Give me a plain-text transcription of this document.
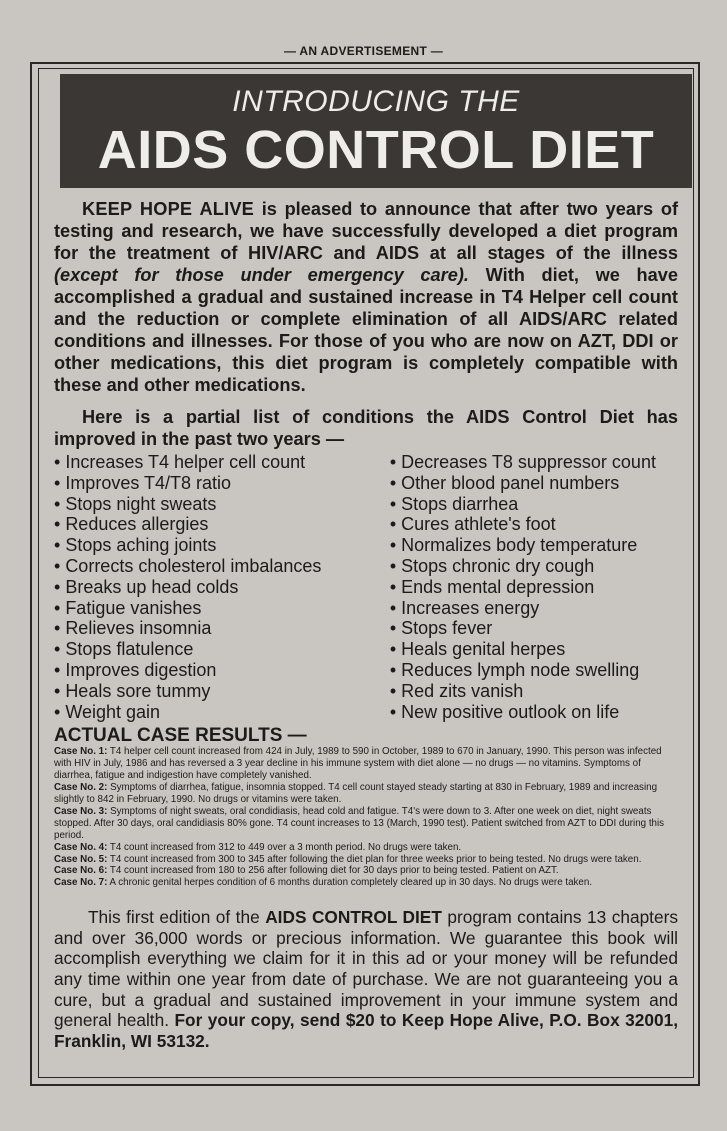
— AN ADVERTISEMENT —
INTRODUCING THE
AIDS CONTROL DIET

KEEP HOPE ALIVE is pleased to announce that after two years of testing and research, we have successfully developed a diet program for the treatment of HIV/ARC and AIDS at all stages of the illness (except for those under emergency care). With diet, we have accomplished a gradual and sustained increase in T4 Helper cell count and the reduction or complete elimination of all AIDS/ARC related conditions and illnesses. For those of you who are now on AZT, DDI or other medications, this diet program is completely compatible with these and other medications.

Here is a partial list of conditions the AIDS Control Diet has improved in the past two years —

• Increases T4 helper cell count
• Improves T4/T8 ratio
• Stops night sweats
• Reduces allergies
• Stops aching joints
• Corrects cholesterol imbalances
• Breaks up head colds
• Fatigue vanishes
• Relieves insomnia
• Stops flatulence
• Improves digestion
• Heals sore tummy
• Weight gain
• Decreases T8 suppressor count
• Other blood panel numbers
• Stops diarrhea
• Cures athlete's foot
• Normalizes body temperature
• Stops chronic dry cough
• Ends mental depression
• Increases energy
• Stops fever
• Heals genital herpes
• Reduces lymph node swelling
• Red zits vanish
• New positive outlook on life
ACTUAL CASE RESULTS —
Case No. 1: T4 helper cell count increased from 424 in July, 1989 to 590 in October, 1989 to 670 in January, 1990. This person was infected with HIV in July, 1986 and has reversed a 3 year decline in his immune system with diet alone — no drugs — no vitamins. Symptoms of diarrhea, fatigue and indigestion have completely vanished.
Case No. 2: Symptoms of diarrhea, fatigue, insomnia stopped. T4 cell count stayed steady starting at 830 in February, 1989 and increasing slightly to 842 in February, 1990. No drugs or vitamins were taken.
Case No. 3: Symptoms of night sweats, oral condidiasis, head cold and fatigue. T4's were down to 3. After one week on diet, night sweats stopped. After 30 days, oral candidiasis 80% gone. T4 count increases to 13 (March, 1990 test). Patient switched from AZT to DDI during this period.
Case No. 4: T4 count increased from 312 to 449 over a 3 month period. No drugs were taken.
Case No. 5: T4 count increased from 300 to 345 after following the diet plan for three weeks prior to being tested. No drugs were taken.
Case No. 6: T4 count increased from 180 to 256 after following diet for 30 days prior to being tested. Patient on AZT.
Case No. 7: A chronic genital herpes condition of 6 months duration completely cleared up in 30 days. No drugs were taken.

This first edition of the AIDS CONTROL DIET program contains 13 chapters and over 36,000 words or precious information. We guarantee this book will accomplish everything we claim for it in this ad or your money will be refunded any time within one year from date of purchase. We are not guaranteeing you a cure, but a gradual and sustained improvement in your immune system and general health. For your copy, send $20 to Keep Hope Alive, P.O. Box 32001, Franklin, WI 53132.
